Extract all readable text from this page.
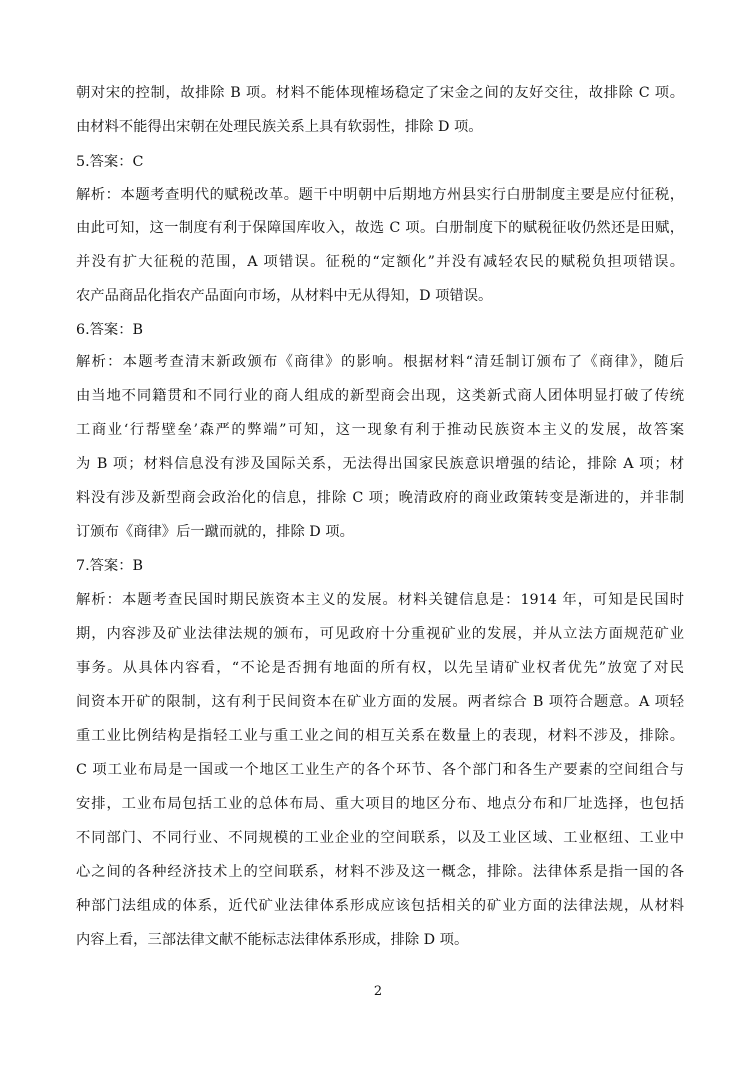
朝对宋的控制，故排除 B 项。材料不能体现榷场稳定了宋金之间的友好交往，故排除 C 项。
由材料不能得出宋朝在处理民族关系上具有软弱性，排除 D 项。
5.答案：C
解析：本题考查明代的赋税改革。题干中明朝中后期地方州县实行白册制度主要是应付征税，
由此可知，这一制度有利于保障国库收入，故选 C 项。白册制度下的赋税征收仍然还是田赋，
并没有扩大征税的范围，A 项错误。征税的“定额化”并没有减轻农民的赋税负担项错误。
农产品商品化指农产品面向市场，从材料中无从得知，D 项错误。
6.答案：B
解析：本题考查清末新政颁布《商律》的影响。根据材料“清廷制订颁布了《商律》，随后
由当地不同籍贯和不同行业的商人组成的新型商会出现，这类新式商人团体明显打破了传统
工商业‘行帮壁垒’森严的弊端”可知，这一现象有利于推动民族资本主义的发展，故答案
为 B 项；材料信息没有涉及国际关系，无法得出国家民族意识增强的结论，排除 A 项；材
料没有涉及新型商会政治化的信息，排除 C 项；晚清政府的商业政策转变是渐进的，并非制
订颁布《商律》后一蹴而就的，排除 D 项。
7.答案：B
解析：本题考查民国时期民族资本主义的发展。材料关键信息是：1914 年，可知是民国时
期，内容涉及矿业法律法规的颁布，可见政府十分重视矿业的发展，并从立法方面规范矿业
事务。从具体内容看，“不论是否拥有地面的所有权，以先呈请矿业权者优先”放宽了对民
间资本开矿的限制，这有利于民间资本在矿业方面的发展。两者综合 B 项符合题意。A 项轻
重工业比例结构是指轻工业与重工业之间的相互关系在数量上的表现，材料不涉及，排除。
C 项工业布局是一国或一个地区工业生产的各个环节、各个部门和各生产要素的空间组合与
安排，工业布局包括工业的总体布局、重大项目的地区分布、地点分布和厂址选择，也包括
不同部门、不同行业、不同规模的工业企业的空间联系，以及工业区域、工业枢纽、工业中
心之间的各种经济技术上的空间联系，材料不涉及这一概念，排除。法律体系是指一国的各
种部门法组成的体系，近代矿业法律体系形成应该包括相关的矿业方面的法律法规，从材料
内容上看，三部法律文献不能标志法律体系形成，排除 D 项。
2
